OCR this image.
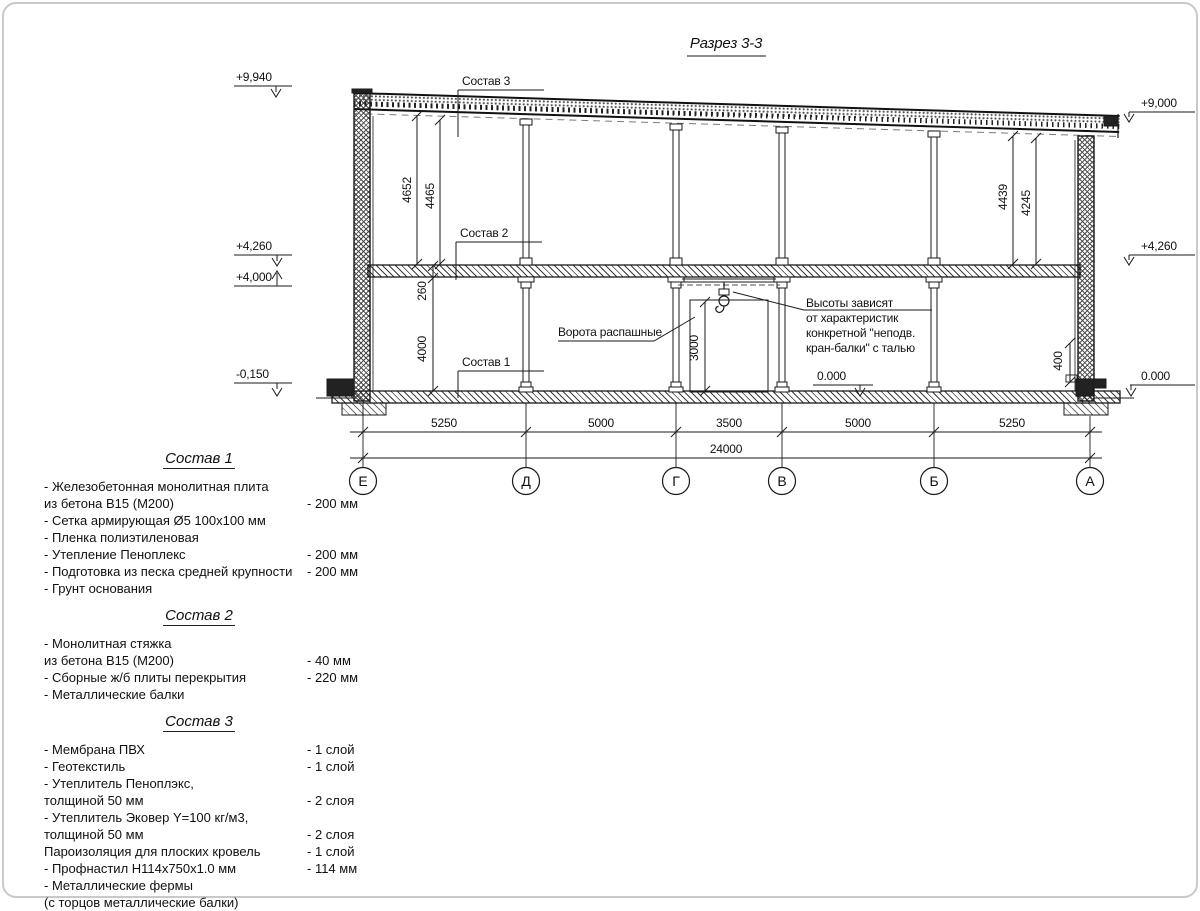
Разрез 3-3
4652 4465	4439 4245
260
4000	3000
400
+9,940
+9,000
+4,260
+4,000
+4,260
-0,150	0.000
0.000
Состав 3
Состав 2
Состав 1
Ворота распашные
Высоты зависят
от характеристик
конкретной "неподв.
кран-балки" с талью
5250	5000	3500	5000	5250
24000
Е	Д	Г	В	Б	А
Состав 1
- Железобетонная монолитная плита
из бетона В15 (М200)	- 200 мм
- Сетка армирующая Ø5 100x100 мм
- Пленка полиэтиленовая
- Утепление Пеноплекс	- 200 мм
- Подготовка из песка средней крупности - 200 мм
- Грунт основания
Состав 2
- Монолитная стяжка
из бетона В15 (М200)	- 40 мм
- Сборные ж/б плиты перекрытия	- 220 мм
- Металлические балки
Состав 3
- Мембрана ПВХ	- 1 слой
- Геотекстиль	- 1 слой
- Утеплитель Пеноплэкс,
толщиной 50 мм	- 2 слоя
- Утеплитель Эковер Y=100 кг/м3,
толщиной 50 мм	- 2 слоя
Пароизоляция для плоских кровель	- 1 слой
- Профнастил Н114х750х1.0 мм	- 114 мм
- Металлические фермы
(с торцов металлические балки)
